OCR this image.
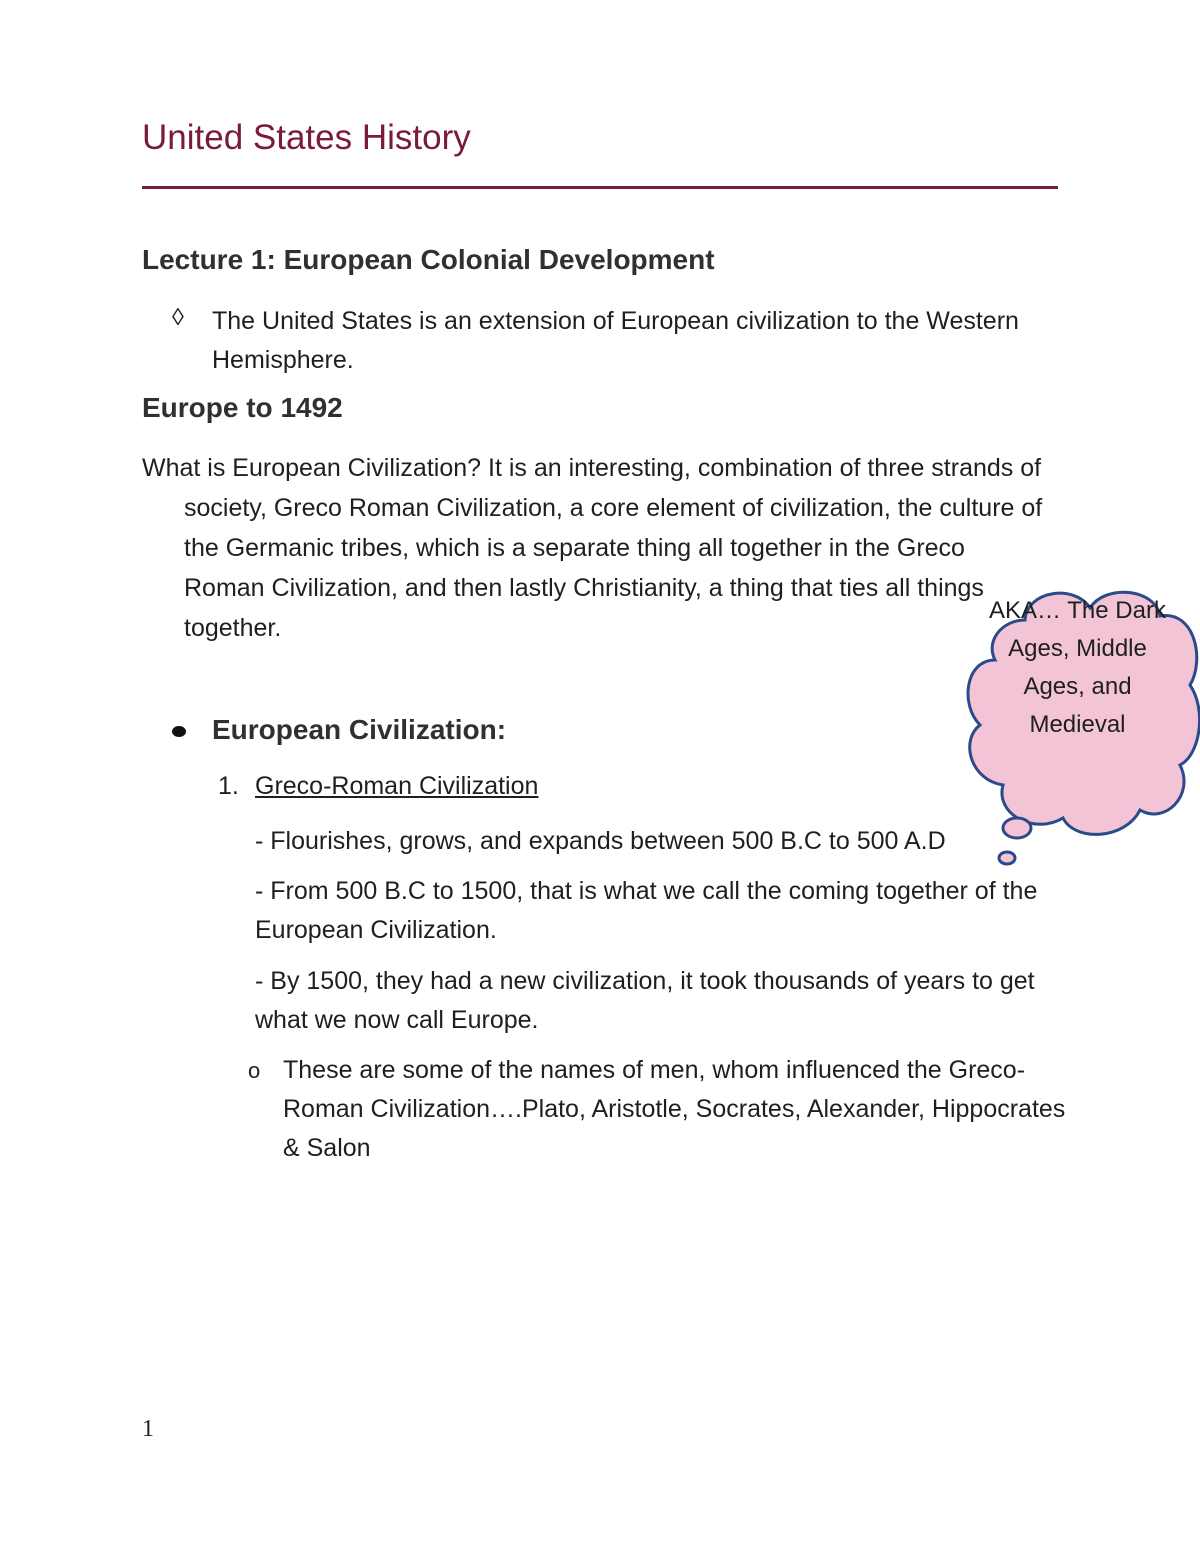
United States History
Lecture 1: European Colonial Development
◊ The United States is an extension of European civilization to the Western Hemisphere.
Europe to 1492
What is European Civilization? It is an interesting, combination of three strands of society, Greco Roman Civilization, a core element of civilization, the culture of the Germanic tribes, which is a separate thing all together in the Greco Roman Civilization, and then lastly Christianity, a thing that ties all things together.
European Civilization:
1. Greco-Roman Civilization
- Flourishes, grows, and expands between 500 B.C to 500 A.D
- From 500 B.C to 1500, that is what we call the coming together of the European Civilization.
- By 1500, they had a new civilization, it took thousands of years to get what we now call Europe.
o These are some of the names of men, whom influenced the Greco- Roman Civilization….Plato, Aristotle, Socrates, Alexander, Hippocrates & Salon
1
AKA… The Dark Ages, Middle Ages, and Medieval
